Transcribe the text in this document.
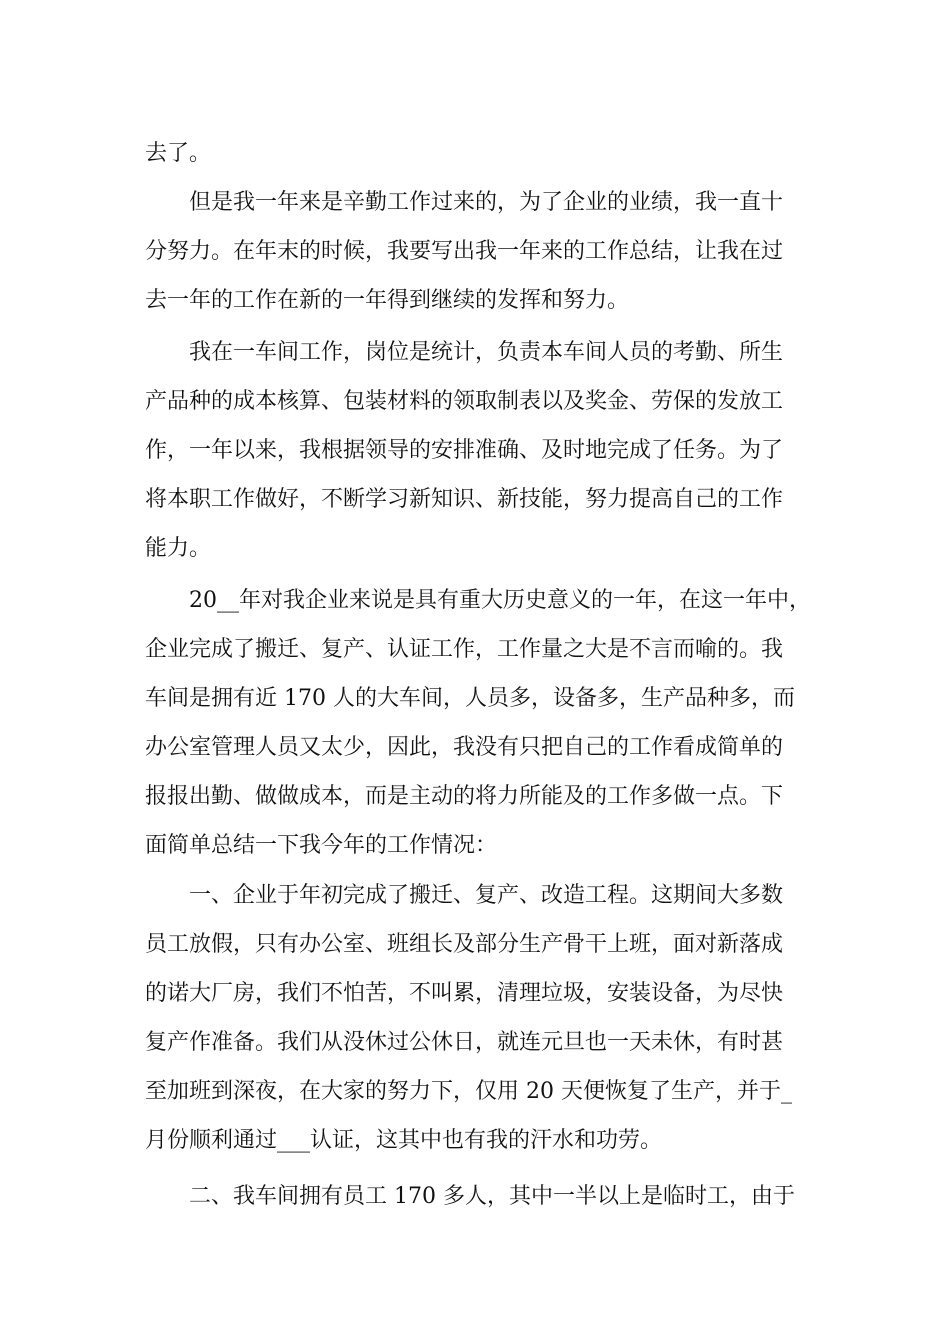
去了。
但是我一年来是辛勤工作过来的，为了企业的业绩，我一直十
分努力。在年末的时候，我要写出我一年来的工作总结，让我在过
去一年的工作在新的一年得到继续的发挥和努力。
我在一车间工作，岗位是统计，负责本车间人员的考勤、所生
产品种的成本核算、包装材料的领取制表以及奖金、劳保的发放工
作，一年以来，我根据领导的安排准确、及时地完成了任务。为了
将本职工作做好，不断学习新知识、新技能，努力提高自己的工作
能力。
20__年对我企业来说是具有重大历史意义的一年，在这一年中，
企业完成了搬迁、复产、认证工作，工作量之大是不言而喻的。我
车间是拥有近 170 人的大车间，人员多，设备多，生产品种多，而
办公室管理人员又太少，因此，我没有只把自己的工作看成简单的
报报出勤、做做成本，而是主动的将力所能及的工作多做一点。下
面简单总结一下我今年的工作情况：
一、企业于年初完成了搬迁、复产、改造工程。这期间大多数
员工放假，只有办公室、班组长及部分生产骨干上班，面对新落成
的诺大厂房，我们不怕苦，不叫累，清理垃圾，安装设备，为尽快
复产作准备。我们从没休过公休日，就连元旦也一天未休，有时甚
至加班到深夜，在大家的努力下，仅用 20 天便恢复了生产，并于_
月份顺利通过___认证，这其中也有我的汗水和功劳。
二、我车间拥有员工 170 多人，其中一半以上是临时工，由于
